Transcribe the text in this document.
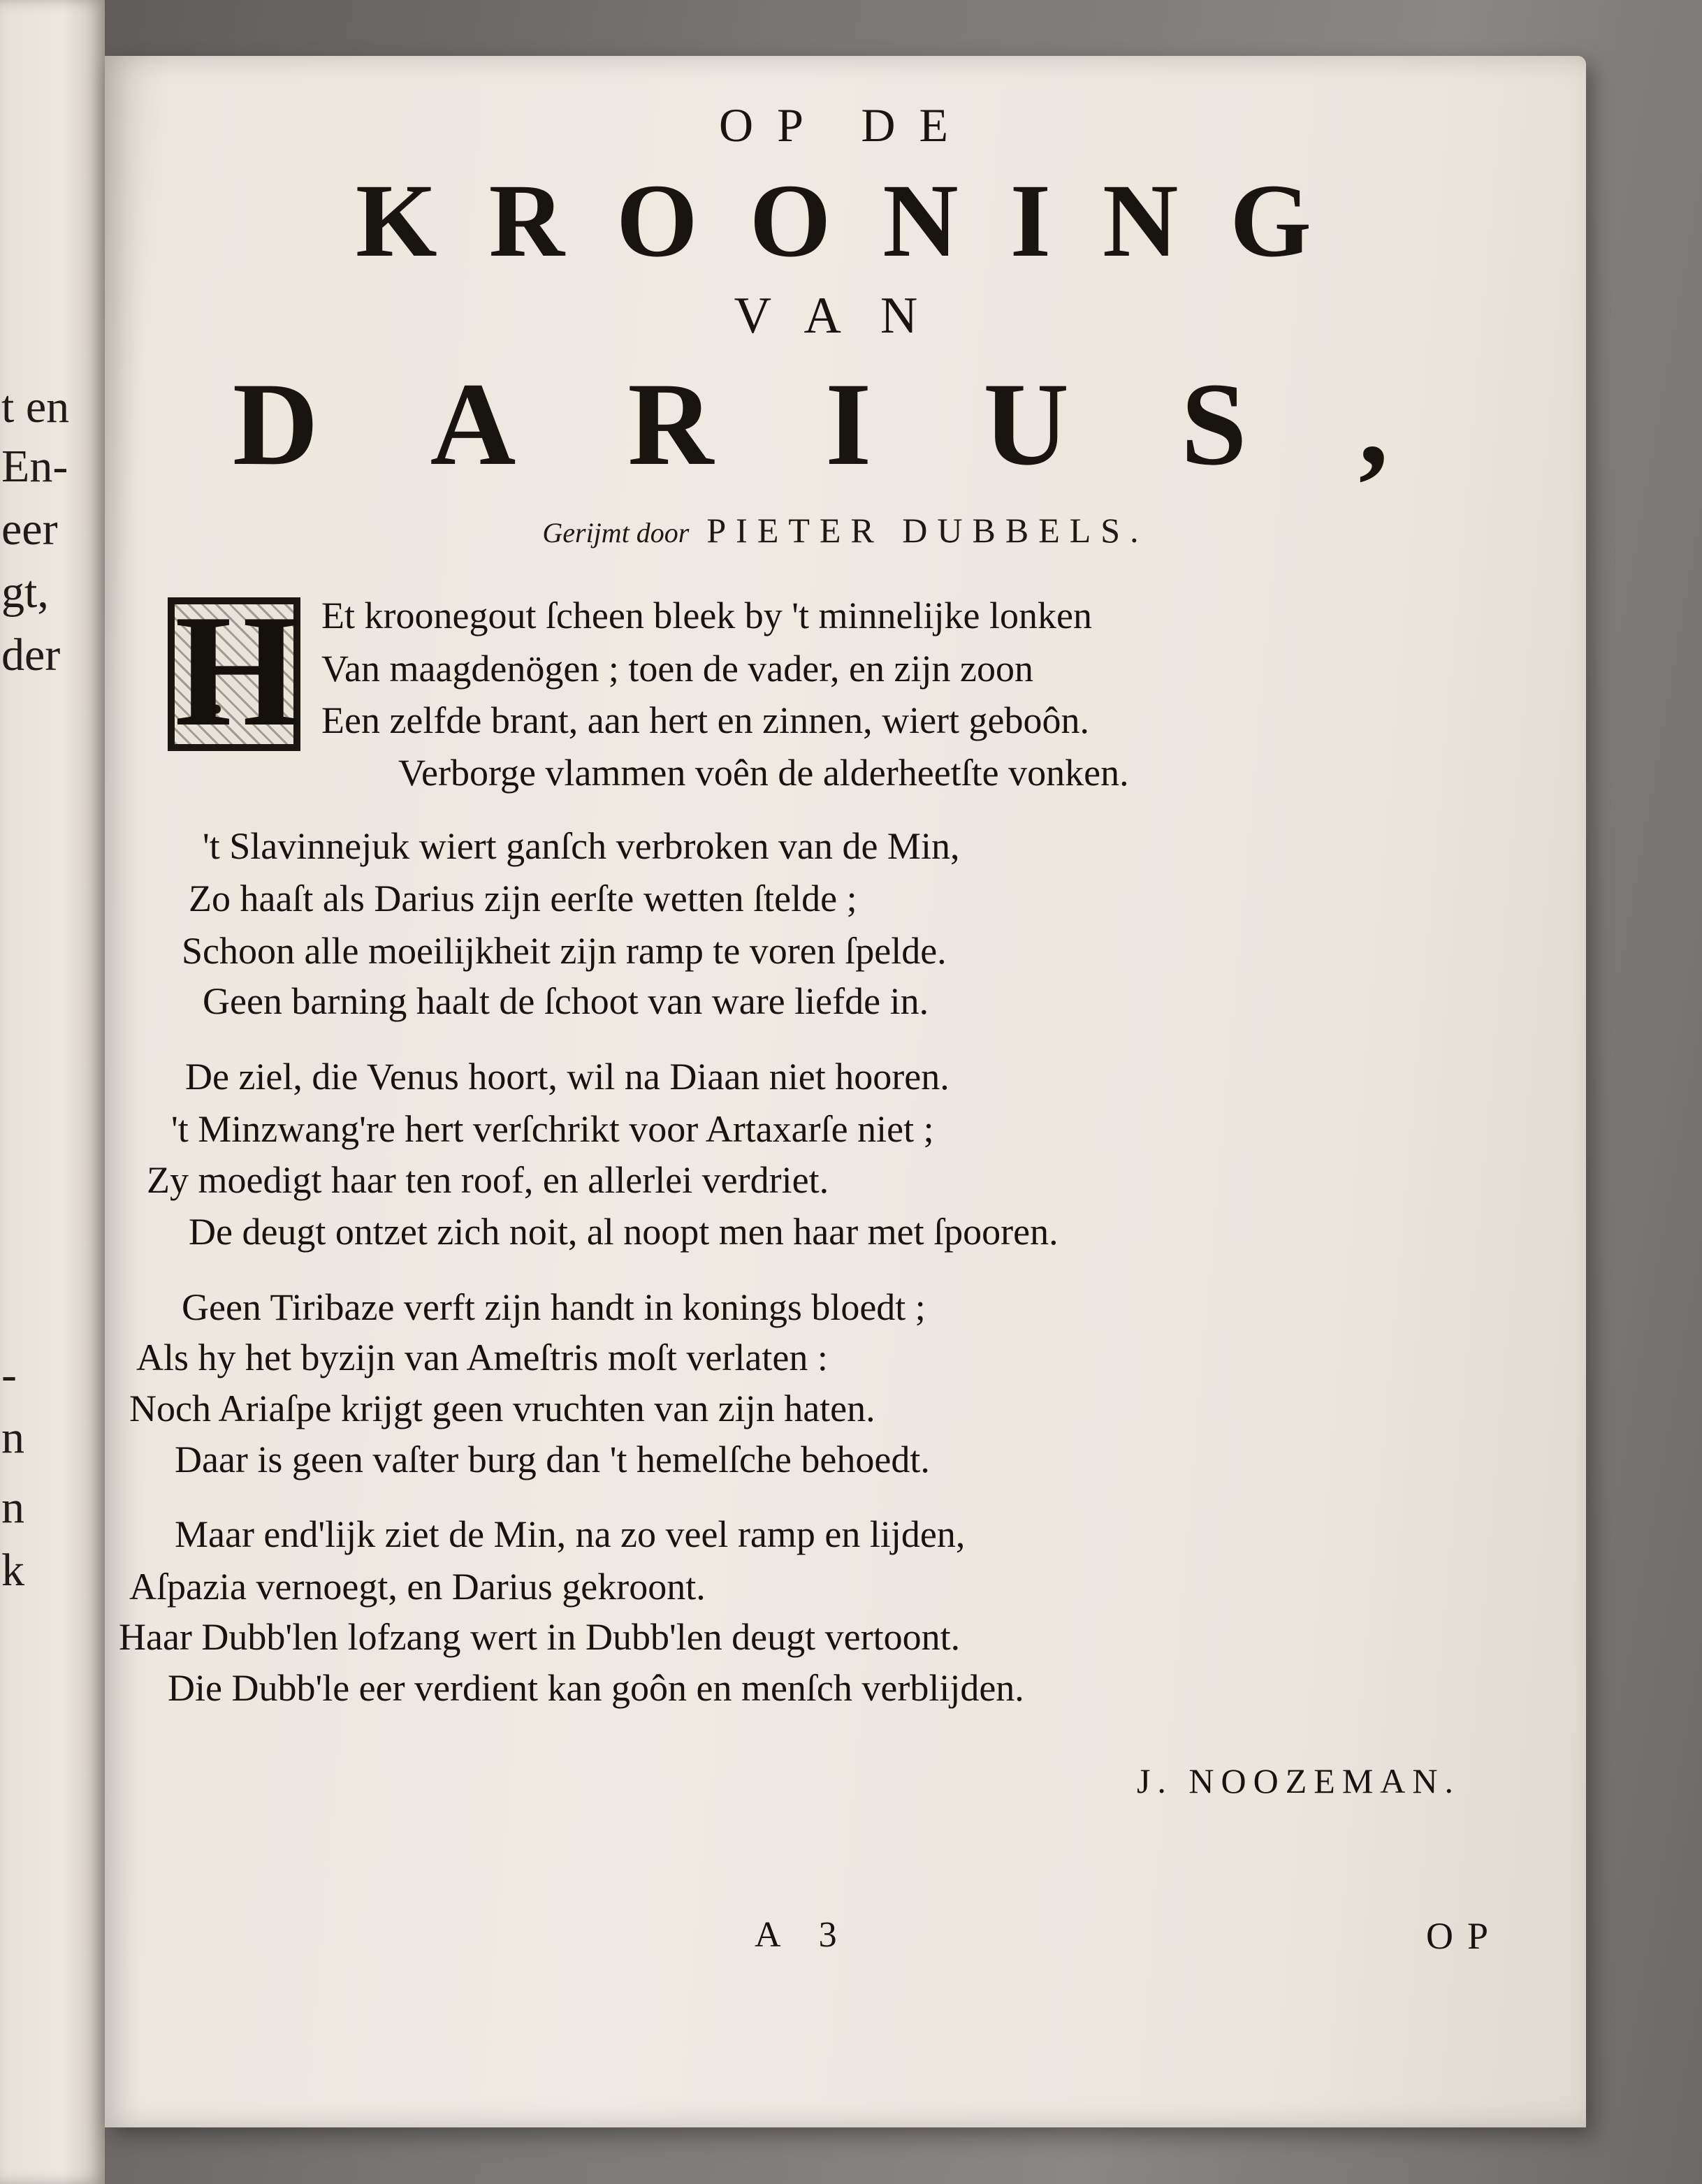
t en
En-
eer
gt,
der
-
n
n
k
OP DE
KROONING
VAN
DARIUS,
Gerijmt door PIETER DUBBELS.
H Et kroonegout ſcheen bleek by 't minnelijke lonken
Van maagdenögen ; toen de vader, en zijn zoon
Een zelfde brant, aan hert en zinnen, wiert geboôn.
Verborge vlammen voên de alderheetſte vonken.
't Slavinnejuk wiert ganſch verbroken van de Min,
Zo haaſt als Darius zijn eerſte wetten ſtelde ;
Schoon alle moeilijkheit zijn ramp te voren ſpelde.
Geen barning haalt de ſchoot van ware liefde in.
De ziel, die Venus hoort, wil na Diaan niet hooren.
't Minzwang're hert verſchrikt voor Artaxarſe niet ;
Zy moedigt haar ten roof, en allerlei verdriet.
De deugt ontzet zich noit, al noopt men haar met ſpooren.
Geen Tiribaze verft zijn handt in konings bloedt ;
Als hy het byzijn van Ameſtris moſt verlaten :
Noch Ariaſpe krijgt geen vruchten van zijn haten.
Daar is geen vaſter burg dan 't hemelſche behoedt.
Maar end'lijk ziet de Min, na zo veel ramp en lijden,
Aſpazia vernoegt, en Darius gekroont.
Haar Dubb'len lofzang wert in Dubb'len deugt vertoont.
Die Dubb'le eer verdient kan goôn en menſch verblijden.
J. NOOZEMAN.
A 3	OP
